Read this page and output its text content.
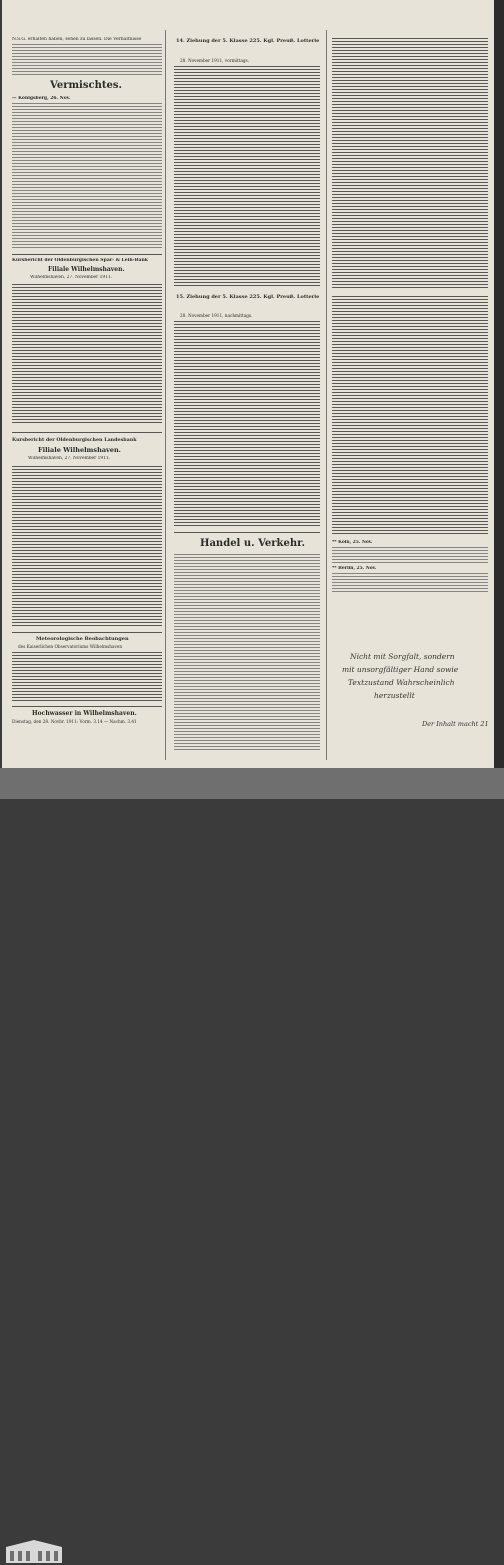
N.S.G. erhalten haben, sehen zu lassen. Die Verhaltnisse
Vermischtes.
— Königsberg, 26. Nov.
Kursbericht der Oldenburgischen Spar- & Leih-Bank
Filiale Wilhelmshaven.
Wilhelmshaven, 27. November 1911.
Kursbericht der Oldenburgischen Landesbank
Filiale Wilhelmshaven.
Wilhelmshaven, 27. November 1911.
Meteorologische Beobachtungen
des Kaiserlichen Observatoriums Wilhelmshaven
Hochwasser in Wilhelmshaven.
Dienstag, den 28. Novbr. 1911: Vorm. 3.14 — Nachm. 3.41
14. Ziehung der 5. Klasse 225. Kgl. Preuß. Lotterie
28. November 1911, vormittags.
15. Ziehung der 5. Klasse 225. Kgl. Preuß. Lotterie
28. November 1911, nachmittags.
Handel u. Verkehr.	** Köln, 25. Nov.
** Berlin, 25. Nov.
Nicht mit Sorgfalt, sondern
mit unsorgfältiger Hand sowie
Textzustand Wahrscheinlich
herzustellt
Der Inhalt macht 21
